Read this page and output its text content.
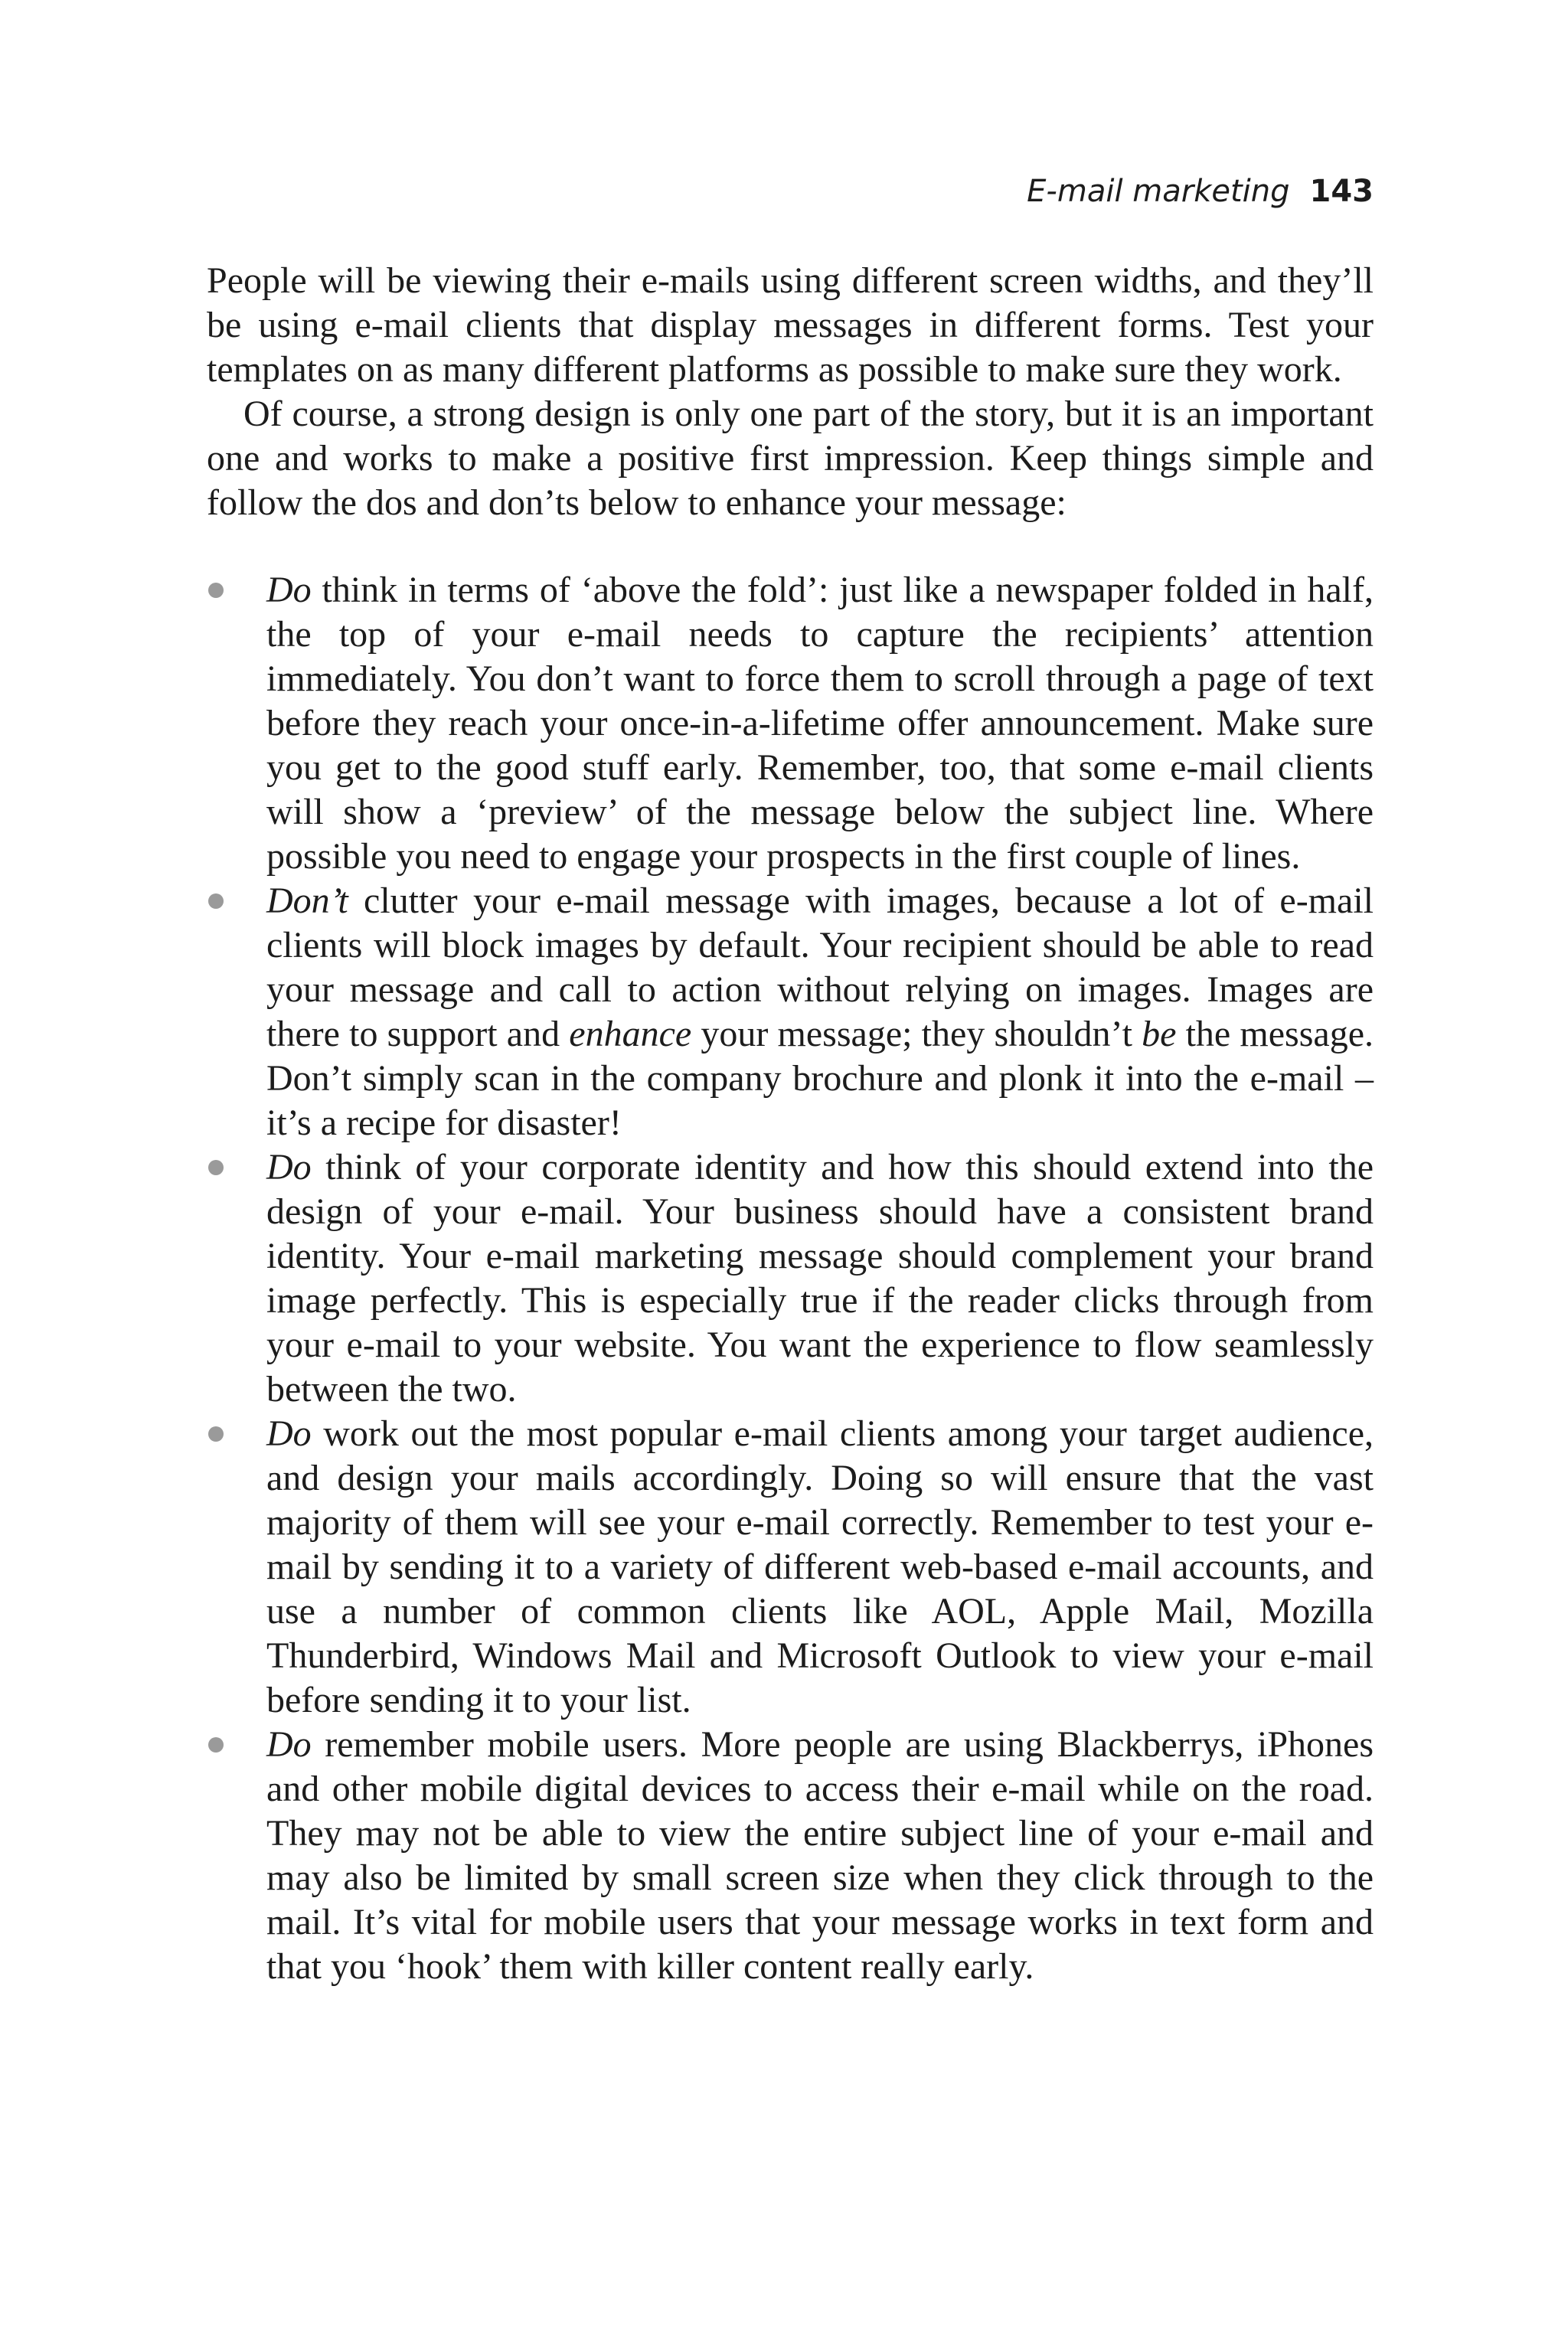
E-mail marketing 143

People will be viewing their e-mails using different screen widths, and they’ll be using e-mail clients that display messages in different forms. Test your templates on as many different platforms as possible to make sure they work.

Of course, a strong design is only one part of the story, but it is an important one and works to make a positive first impression. Keep things simple and follow the dos and don’ts below to enhance your message:

Do think in terms of ‘above the fold’: just like a newspaper folded in half, the top of your e-mail needs to capture the recipients’ attention immediately. You don’t want to force them to scroll through a page of text before they reach your once-in-a-lifetime offer announcement. Make sure you get to the good stuff early. Remember, too, that some e-mail clients will show a ‘preview’ of the message below the subject line. Where possible you need to engage your prospects in the first couple of lines.
Don’t clutter your e-mail message with images, because a lot of e-mail clients will block images by default. Your recipient should be able to read your message and call to action without relying on images. Images are there to support and enhance your message; they shouldn’t be the message. Don’t simply scan in the company brochure and plonk it into the e-mail – it’s a recipe for disaster!
Do think of your corporate identity and how this should extend into the design of your e-mail. Your business should have a consistent brand identity. Your e-mail marketing message should complement your brand image perfectly. This is especially true if the reader clicks through from your e-mail to your website. You want the experience to flow seamlessly between the two.
Do work out the most popular e-mail clients among your target audience, and design your mails accordingly. Doing so will ensure that the vast majority of them will see your e-mail correctly. Remember to test your e-mail by sending it to a variety of different web-based e-mail accounts, and use a number of common clients like AOL, Apple Mail, Mozilla Thunderbird, Windows Mail and Microsoft Outlook to view your e-mail before sending it to your list.
Do remember mobile users. More people are using Blackberrys, iPhones and other mobile digital devices to access their e-mail while on the road. They may not be able to view the entire subject line of your e-mail and may also be limited by small screen size when they click through to the mail. It’s vital for mobile users that your message works in text form and that you ‘hook’ them with killer content really early.
